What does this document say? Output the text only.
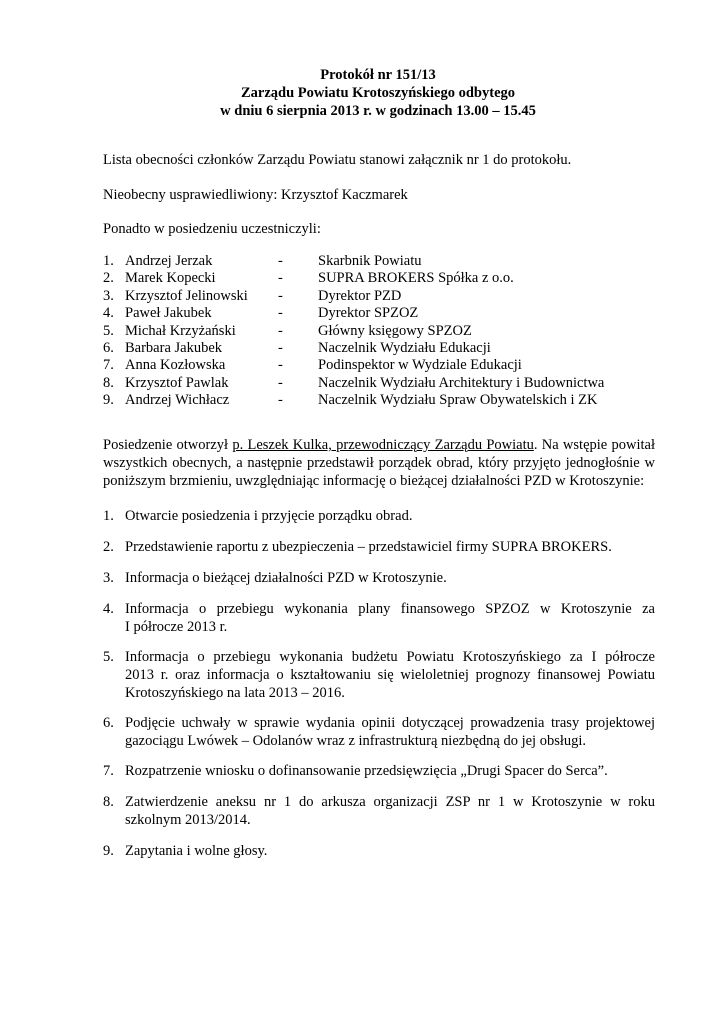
Protokół nr 151/13
Zarządu Powiatu Krotoszyńskiego odbytego
w dniu 6 sierpnia 2013 r. w godzinach 13.00 – 15.45
Lista obecności członków Zarządu Powiatu stanowi załącznik nr 1 do protokołu.
Nieobecny usprawiedliwiony: Krzysztof Kaczmarek
Ponadto w posiedzeniu uczestniczyli:
1. Andrzej Jerzak	- Skarbnik Powiatu
2. Marek Kopecki	- SUPRA BROKERS Spółka z o.o.
3. Krzysztof Jelinowski - Dyrektor PZD
4. Paweł Jakubek	- Dyrektor SPZOZ
5. Michał Krzyżański	- Główny księgowy SPZOZ
6. Barbara Jakubek	- Naczelnik Wydziału Edukacji
7. Anna Kozłowska	- Podinspektor w Wydziale Edukacji
8. Krzysztof Pawlak	- Naczelnik Wydziału Architektury i Budownictwa
9. Andrzej Wichłacz	- Naczelnik Wydziału Spraw Obywatelskich i ZK
Posiedzenie otworzył p. Leszek Kulka, przewodniczący Zarządu Powiatu. Na wstępie powitał
wszystkich obecnych, a następnie przedstawił porządek obrad, który przyjęto jednogłośnie w
poniższym brzmieniu, uwzględniając informację o bieżącej działalności PZD w Krotoszynie:
1. Otwarcie posiedzenia i przyjęcie porządku obrad.
2. Przedstawienie raportu z ubezpieczenia – przedstawiciel firmy SUPRA BROKERS.
3. Informacja o bieżącej działalności PZD w Krotoszynie.
4. Informacja o przebiegu wykonania plany finansowego SPZOZ w Krotoszynie za
I półrocze 2013 r.
5. Informacja o przebiegu wykonania budżetu Powiatu Krotoszyńskiego za I półrocze
2013 r. oraz informacja o kształtowaniu się wieloletniej prognozy finansowej Powiatu
Krotoszyńskiego na lata 2013 – 2016.
6. Podjęcie uchwały w sprawie wydania opinii dotyczącej prowadzenia trasy projektowej
gazociągu Lwówek – Odolanów wraz z infrastrukturą niezbędną do jej obsługi.
7. Rozpatrzenie wniosku o dofinansowanie przedsięwzięcia „Drugi Spacer do Serca”.
8. Zatwierdzenie aneksu nr 1 do arkusza organizacji ZSP nr 1 w Krotoszynie w roku
szkolnym 2013/2014.
9. Zapytania i wolne głosy.
